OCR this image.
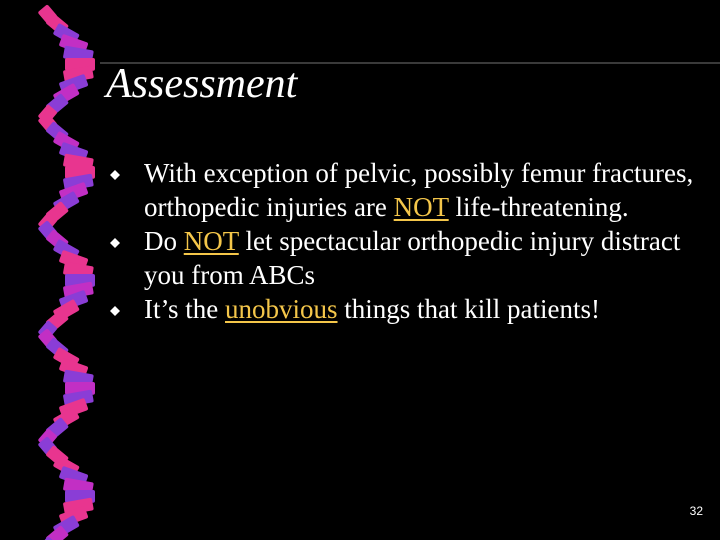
Assessment
With exception of pelvic, possibly femur fractures, orthopedic injuries are NOT life-threatening.
Do NOT let spectacular orthopedic injury distract you from ABCs
It’s the unobvious things that kill patients!
32
